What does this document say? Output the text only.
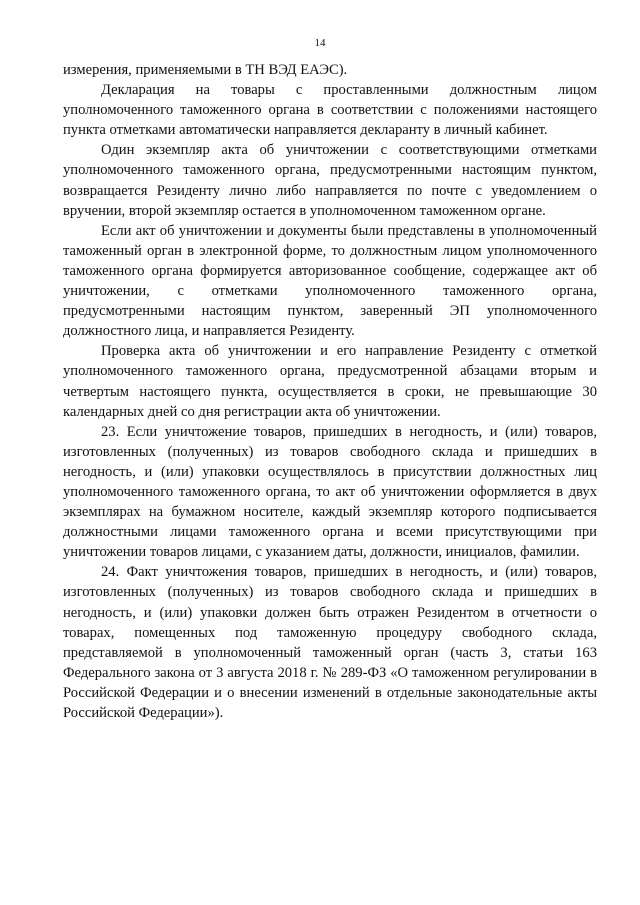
14

измерения, применяемыми в ТН ВЭД ЕАЭС).

Декларация на товары с проставленными должностным лицом уполномоченного таможенного органа в соответствии с положениями настоящего пункта отметками автоматически направляется декларанту в личный кабинет.

Один экземпляр акта об уничтожении с соответствующими отметками уполномоченного таможенного органа, предусмотренными настоящим пунктом, возвращается Резиденту лично либо направляется по почте с уведомлением о вручении, второй экземпляр остается в уполномоченном таможенном органе.

Если акт об уничтожении и документы были представлены в уполномоченный таможенный орган в электронной форме, то должностным лицом уполномоченного таможенного органа формируется авторизованное сообщение, содержащее акт об уничтожении, с отметками уполномоченного таможенного органа, предусмотренными настоящим пунктом, заверенный ЭП уполномоченного должностного лица, и направляется Резиденту.

Проверка акта об уничтожении и его направление Резиденту с отметкой уполномоченного таможенного органа, предусмотренной абзацами вторым и четвертым настоящего пункта, осуществляется в сроки, не превышающие 30 календарных дней со дня регистрации акта об уничтожении.

23. Если уничтожение товаров, пришедших в негодность, и (или) товаров, изготовленных (полученных) из товаров свободного склада и пришедших в негодность, и (или) упаковки осуществлялось в присутствии должностных лиц уполномоченного таможенного органа, то акт об уничтожении оформляется в двух экземплярах на бумажном носителе, каждый экземпляр которого подписывается должностными лицами таможенного органа и всеми присутствующими при уничтожении товаров лицами, с указанием даты, должности, инициалов, фамилии.

24. Факт уничтожения товаров, пришедших в негодность, и (или) товаров, изготовленных (полученных) из товаров свободного склада и пришедших в негодность, и (или) упаковки должен быть отражен Резидентом в отчетности о товарах, помещенных под таможенную процедуру свободного склада, представляемой в уполномоченный таможенный орган (часть 3, статьи 163 Федерального закона от 3 августа 2018 г. № 289-ФЗ «О таможенном регулировании в Российской Федерации и о внесении изменений в отдельные законодательные акты Российской Федерации»).
